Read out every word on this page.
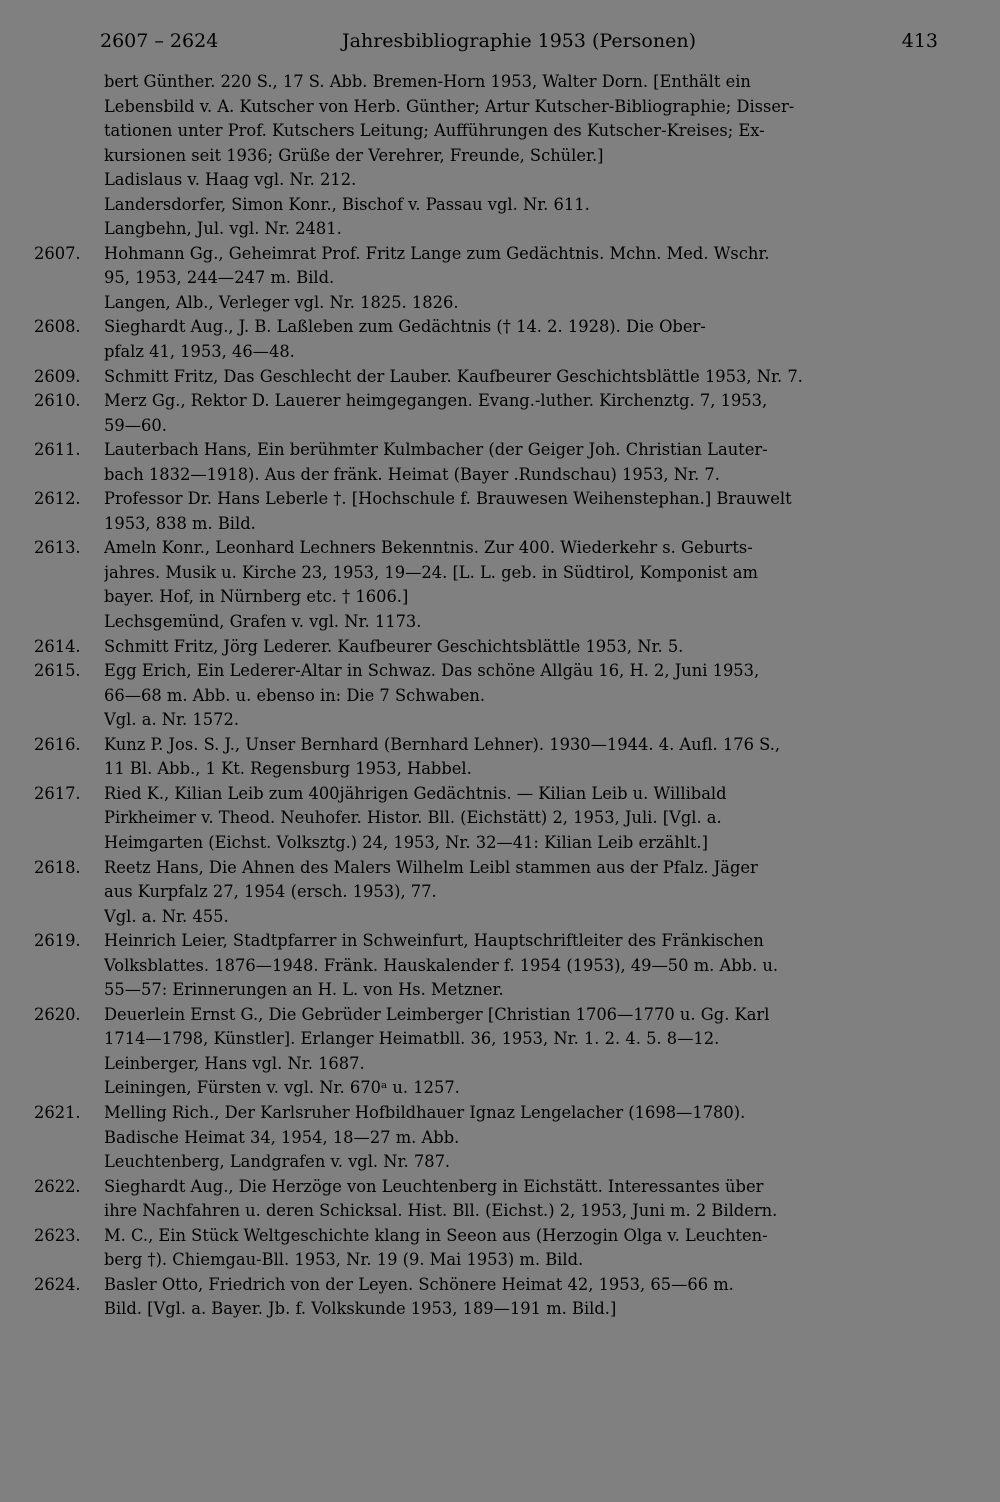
2607 – 2624	Jahresbibliographie 1953 (Personen)	413
bert Günther. 220 S., 17 S. Abb. Bremen-Horn 1953, Walter Dorn. [Enthält ein
Lebensbild v. A. Kutscher von Herb. Günther; Artur Kutscher-Bibliographie; Disser-
tationen unter Prof. Kutschers Leitung; Aufführungen des Kutscher-Kreises; Ex-
kursionen seit 1936; Grüße der Verehrer, Freunde, Schüler.]
Ladislaus v. Haag vgl. Nr. 212.
Landersdorfer, Simon Konr., Bischof v. Passau vgl. Nr. 611.
Langbehn, Jul. vgl. Nr. 2481.
2607.	Hohmann Gg., Geheimrat Prof. Fritz Lange zum Gedächtnis. Mchn. Med. Wschr.
95, 1953, 244—247 m. Bild.
Langen, Alb., Verleger vgl. Nr. 1825. 1826.
2608.	Sieghardt Aug., J. B. Laßleben zum Gedächtnis († 14. 2. 1928). Die Ober-
pfalz 41, 1953, 46—48.
2609.	Schmitt Fritz, Das Geschlecht der Lauber. Kaufbeurer Geschichtsblättle 1953, Nr. 7.
2610.	Merz Gg., Rektor D. Lauerer heimgegangen. Evang.-luther. Kirchenztg. 7, 1953,
59—60.
2611.	Lauterbach Hans, Ein berühmter Kulmbacher (der Geiger Joh. Christian Lauter-
bach 1832—1918). Aus der fränk. Heimat (Bayer .Rundschau) 1953, Nr. 7.
2612.	Professor Dr. Hans Leberle †. [Hochschule f. Brauwesen Weihenstephan.] Brauwelt
1953, 838 m. Bild.
2613.	Ameln Konr., Leonhard Lechners Bekenntnis. Zur 400. Wiederkehr s. Geburts-
jahres. Musik u. Kirche 23, 1953, 19—24. [L. L. geb. in Südtirol, Komponist am
bayer. Hof, in Nürnberg etc. † 1606.]
Lechsgemünd, Grafen v. vgl. Nr. 1173.
2614.	Schmitt Fritz, Jörg Lederer. Kaufbeurer Geschichtsblättle 1953, Nr. 5.
2615.	Egg Erich, Ein Lederer-Altar in Schwaz. Das schöne Allgäu 16, H. 2, Juni 1953,
66—68 m. Abb. u. ebenso in: Die 7 Schwaben.
Vgl. a. Nr. 1572.
2616.	Kunz P. Jos. S. J., Unser Bernhard (Bernhard Lehner). 1930—1944. 4. Aufl. 176 S.,
11 Bl. Abb., 1 Kt. Regensburg 1953, Habbel.
2617.	Ried K., Kilian Leib zum 400jährigen Gedächtnis. — Kilian Leib u. Willibald
Pirkheimer v. Theod. Neuhofer. Histor. Bll. (Eichstätt) 2, 1953, Juli. [Vgl. a.
Heimgarten (Eichst. Volksztg.) 24, 1953, Nr. 32—41: Kilian Leib erzählt.]
2618.	Reetz Hans, Die Ahnen des Malers Wilhelm Leibl stammen aus der Pfalz. Jäger
aus Kurpfalz 27, 1954 (ersch. 1953), 77.
Vgl. a. Nr. 455.
2619.	Heinrich Leier, Stadtpfarrer in Schweinfurt, Hauptschriftleiter des Fränkischen
Volksblattes. 1876—1948. Fränk. Hauskalender f. 1954 (1953), 49—50 m. Abb. u.
55—57: Erinnerungen an H. L. von Hs. Metzner.
2620.	Deuerlein Ernst G., Die Gebrüder Leimberger [Christian 1706—1770 u. Gg. Karl
1714—1798, Künstler]. Erlanger Heimatbll. 36, 1953, Nr. 1. 2. 4. 5. 8—12.
Leinberger, Hans vgl. Nr. 1687.
Leiningen, Fürsten v. vgl. Nr. 670ᵃ u. 1257.
2621.	Melling Rich., Der Karlsruher Hofbildhauer Ignaz Lengelacher (1698—1780).
Badische Heimat 34, 1954, 18—27 m. Abb.
Leuchtenberg, Landgrafen v. vgl. Nr. 787.
2622.	Sieghardt Aug., Die Herzöge von Leuchtenberg in Eichstätt. Interessantes über
ihre Nachfahren u. deren Schicksal. Hist. Bll. (Eichst.) 2, 1953, Juni m. 2 Bildern.
2623.	M. C., Ein Stück Weltgeschichte klang in Seeon aus (Herzogin Olga v. Leuchten-
berg †). Chiemgau-Bll. 1953, Nr. 19 (9. Mai 1953) m. Bild.
2624.	Basler Otto, Friedrich von der Leyen. Schönere Heimat 42, 1953, 65—66 m.
Bild. [Vgl. a. Bayer. Jb. f. Volkskunde 1953, 189—191 m. Bild.]
